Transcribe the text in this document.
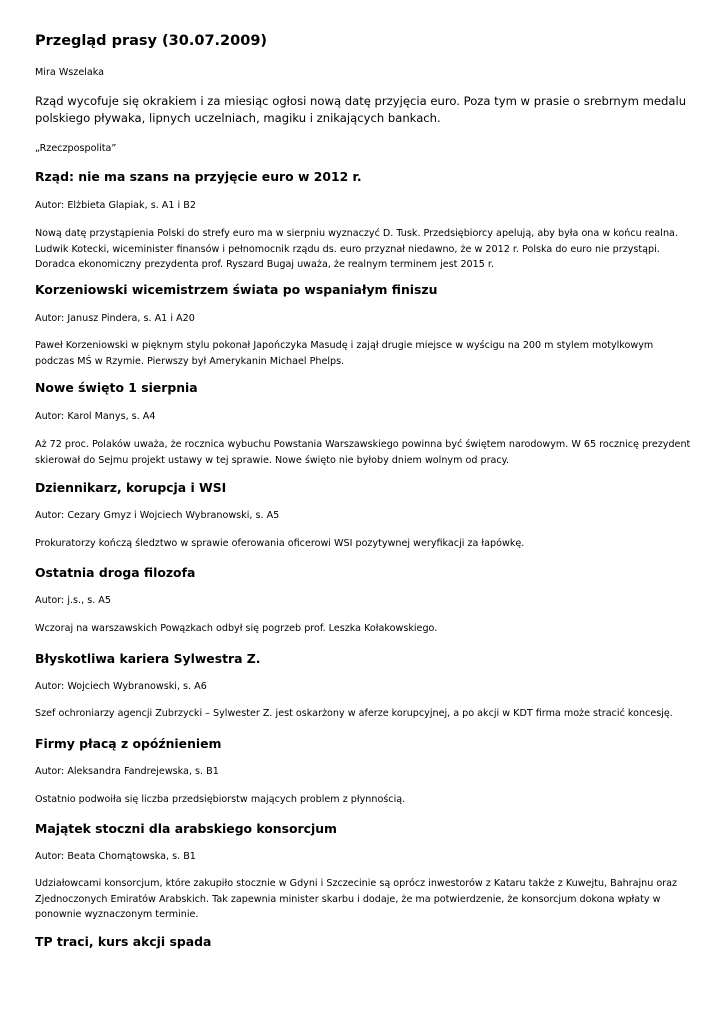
Przegląd prasy (30.07.2009)

Mira Wszelaka

Rząd wycofuje się okrakiem i za miesiąc ogłosi nową datę przyjęcia euro. Poza tym w prasie o srebrnym medalu polskiego pływaka, lipnych uczelniach, magiku i znikających bankach.

„Rzeczpospolita”

Rząd: nie ma szans na przyjęcie euro w 2012 r.

Autor: Elżbieta Glapiak, s. A1 i B2

Nową datę przystąpienia Polski do strefy euro ma w sierpniu wyznaczyć D. Tusk. Przedsiębiorcy apelują, aby była ona w końcu realna. Ludwik Kotecki, wiceminister finansów i pełnomocnik rządu ds. euro przyznał niedawno, że w 2012 r. Polska do euro nie przystąpi. Doradca ekonomiczny prezydenta prof. Ryszard Bugaj uważa, że realnym terminem jest 2015 r.

Korzeniowski wicemistrzem świata po wspaniałym finiszu

Autor: Janusz Pindera, s. A1 i A20

Paweł Korzeniowski w pięknym stylu pokonał Japończyka Masudę i zajął drugie miejsce w wyścigu na 200 m stylem motylkowym podczas MŚ w Rzymie. Pierwszy był Amerykanin Michael Phelps.

Nowe święto 1 sierpnia

Autor: Karol Manys, s. A4

Aż 72 proc. Polaków uważa, że rocznica wybuchu Powstania Warszawskiego powinna być świętem narodowym. W 65 rocznicę prezydent skierował do Sejmu projekt ustawy w tej sprawie. Nowe święto nie byłoby dniem wolnym od pracy.

Dziennikarz, korupcja i WSI

Autor: Cezary Gmyz i Wojciech Wybranowski, s. A5

Prokuratorzy kończą śledztwo w sprawie oferowania oficerowi WSI pozytywnej weryfikacji za łapówkę.

Ostatnia droga filozofa

Autor: j.s., s. A5

Wczoraj na warszawskich Powązkach odbył się pogrzeb prof. Leszka Kołakowskiego.

Błyskotliwa kariera Sylwestra Z.

Autor: Wojciech Wybranowski, s. A6

Szef ochroniarzy agencji Zubrzycki – Sylwester Z. jest oskarżony w aferze korupcyjnej, a po akcji w KDT firma może stracić koncesję.

Firmy płacą z opóźnieniem

Autor: Aleksandra Fandrejewska, s. B1

Ostatnio podwoiła się liczba przedsiębiorstw mających problem z płynnością.

Majątek stoczni dla arabskiego konsorcjum

Autor: Beata Chomątowska, s. B1

Udziałowcami konsorcjum, które zakupiło stocznie w Gdyni i Szczecinie są oprócz inwestorów z Kataru także z Kuwejtu, Bahrajnu oraz Zjednoczonych Emiratów Arabskich. Tak zapewnia minister skarbu i dodaje, że ma potwierdzenie, że konsorcjum dokona wpłaty w ponownie wyznaczonym terminie.

TP traci, kurs akcji spada
